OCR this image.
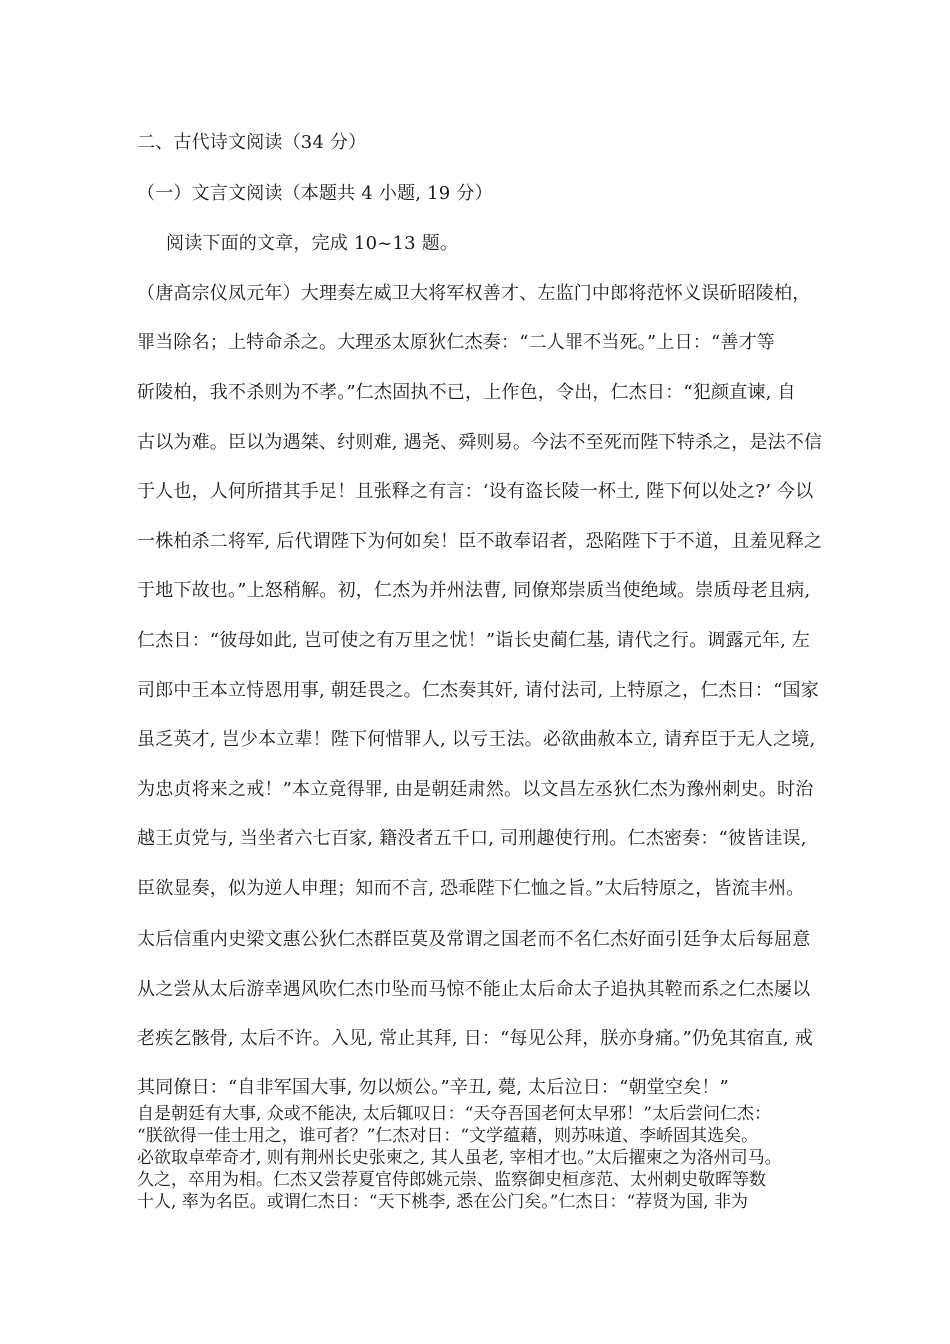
二、古代诗文阅读（34 分）
（一）文言文阅读（本题共 4 小题, 19 分）
阅读下面的文章，完成 10~13 题。
（唐高宗仪凤元年）大理奏左威卫大将军权善才、左监门中郎将范怀义误斫昭陵柏，
罪当除名；上特命杀之。大理丞太原狄仁杰奏：“二人罪不当死。”上日：“善才等
斫陵柏，我不杀则为不孝。”仁杰固执不已，上作色，令出，仁杰日：“犯颜直谏, 自
古以为难。臣以为遇桀、纣则难, 遇尧、舜则易。今法不至死而陛下特杀之，是法不信
于人也，人何所措其手足！且张释之有言：‘设有盗长陵一杯土, 陛下何以处之?’ 今以
一株柏杀二将军, 后代谓陛下为何如矣！臣不敢奉诏者，恐陷陛下于不道，且羞见释之
于地下故也。”上怒稍解。初，仁杰为并州法曹, 同僚郑崇质当使绝域。崇质母老且病,
仁杰日：“彼母如此, 岂可使之有万里之忧！”诣长史蔺仁基, 请代之行。调露元年, 左
司郎中王本立恃恩用事, 朝廷畏之。仁杰奏其奸, 请付法司, 上特原之，仁杰日：“国家
虽乏英才, 岂少本立辈！陛下何惜罪人, 以亏王法。必欲曲赦本立, 请弃臣于无人之境,
为忠贞将来之戒！”本立竟得罪, 由是朝廷肃然。以文昌左丞狄仁杰为豫州刺史。时治
越王贞党与, 当坐者六七百家, 籍没者五千口, 司刑趣使行刑。仁杰密奏：“彼皆诖误,
臣欲显奏，似为逆人申理；知而不言, 恐乖陛下仁恤之旨。”太后特原之，皆流丰州。
太后信重内史梁文惠公狄仁杰群臣莫及常谓之国老而不名仁杰好面引廷争太后每屈意
从之尝从太后游幸遇风吹仁杰巾坠而马惊不能止太后命太子追执其鞚而系之仁杰屡以
老疾乞骸骨, 太后不许。入见, 常止其拜, 日：“每见公拜，朕亦身痛。”仍免其宿直, 戒
其同僚日：“自非军国大事, 勿以烦公。”辛丑, 薨, 太后泣日：“朝堂空矣！”
自是朝廷有大事, 众或不能决, 太后辄叹日：“天夺吾国老何太早邪！”太后尝问仁杰：
“朕欲得一佳士用之，谁可者？”仁杰对日：“文学蕴藉，则苏味道、李峤固其选矣。
必欲取卓荦奇才, 则有荆州长史张柬之, 其人虽老, 宰相才也。”太后擢柬之为洛州司马。
久之，卒用为相。仁杰又尝荐夏官侍郎姚元崇、监察御史桓彦范、太州刺史敬晖等数
十人, 率为名臣。或谓仁杰日：“天下桃李, 悉在公门矣。”仁杰日：“荐贤为国, 非为
